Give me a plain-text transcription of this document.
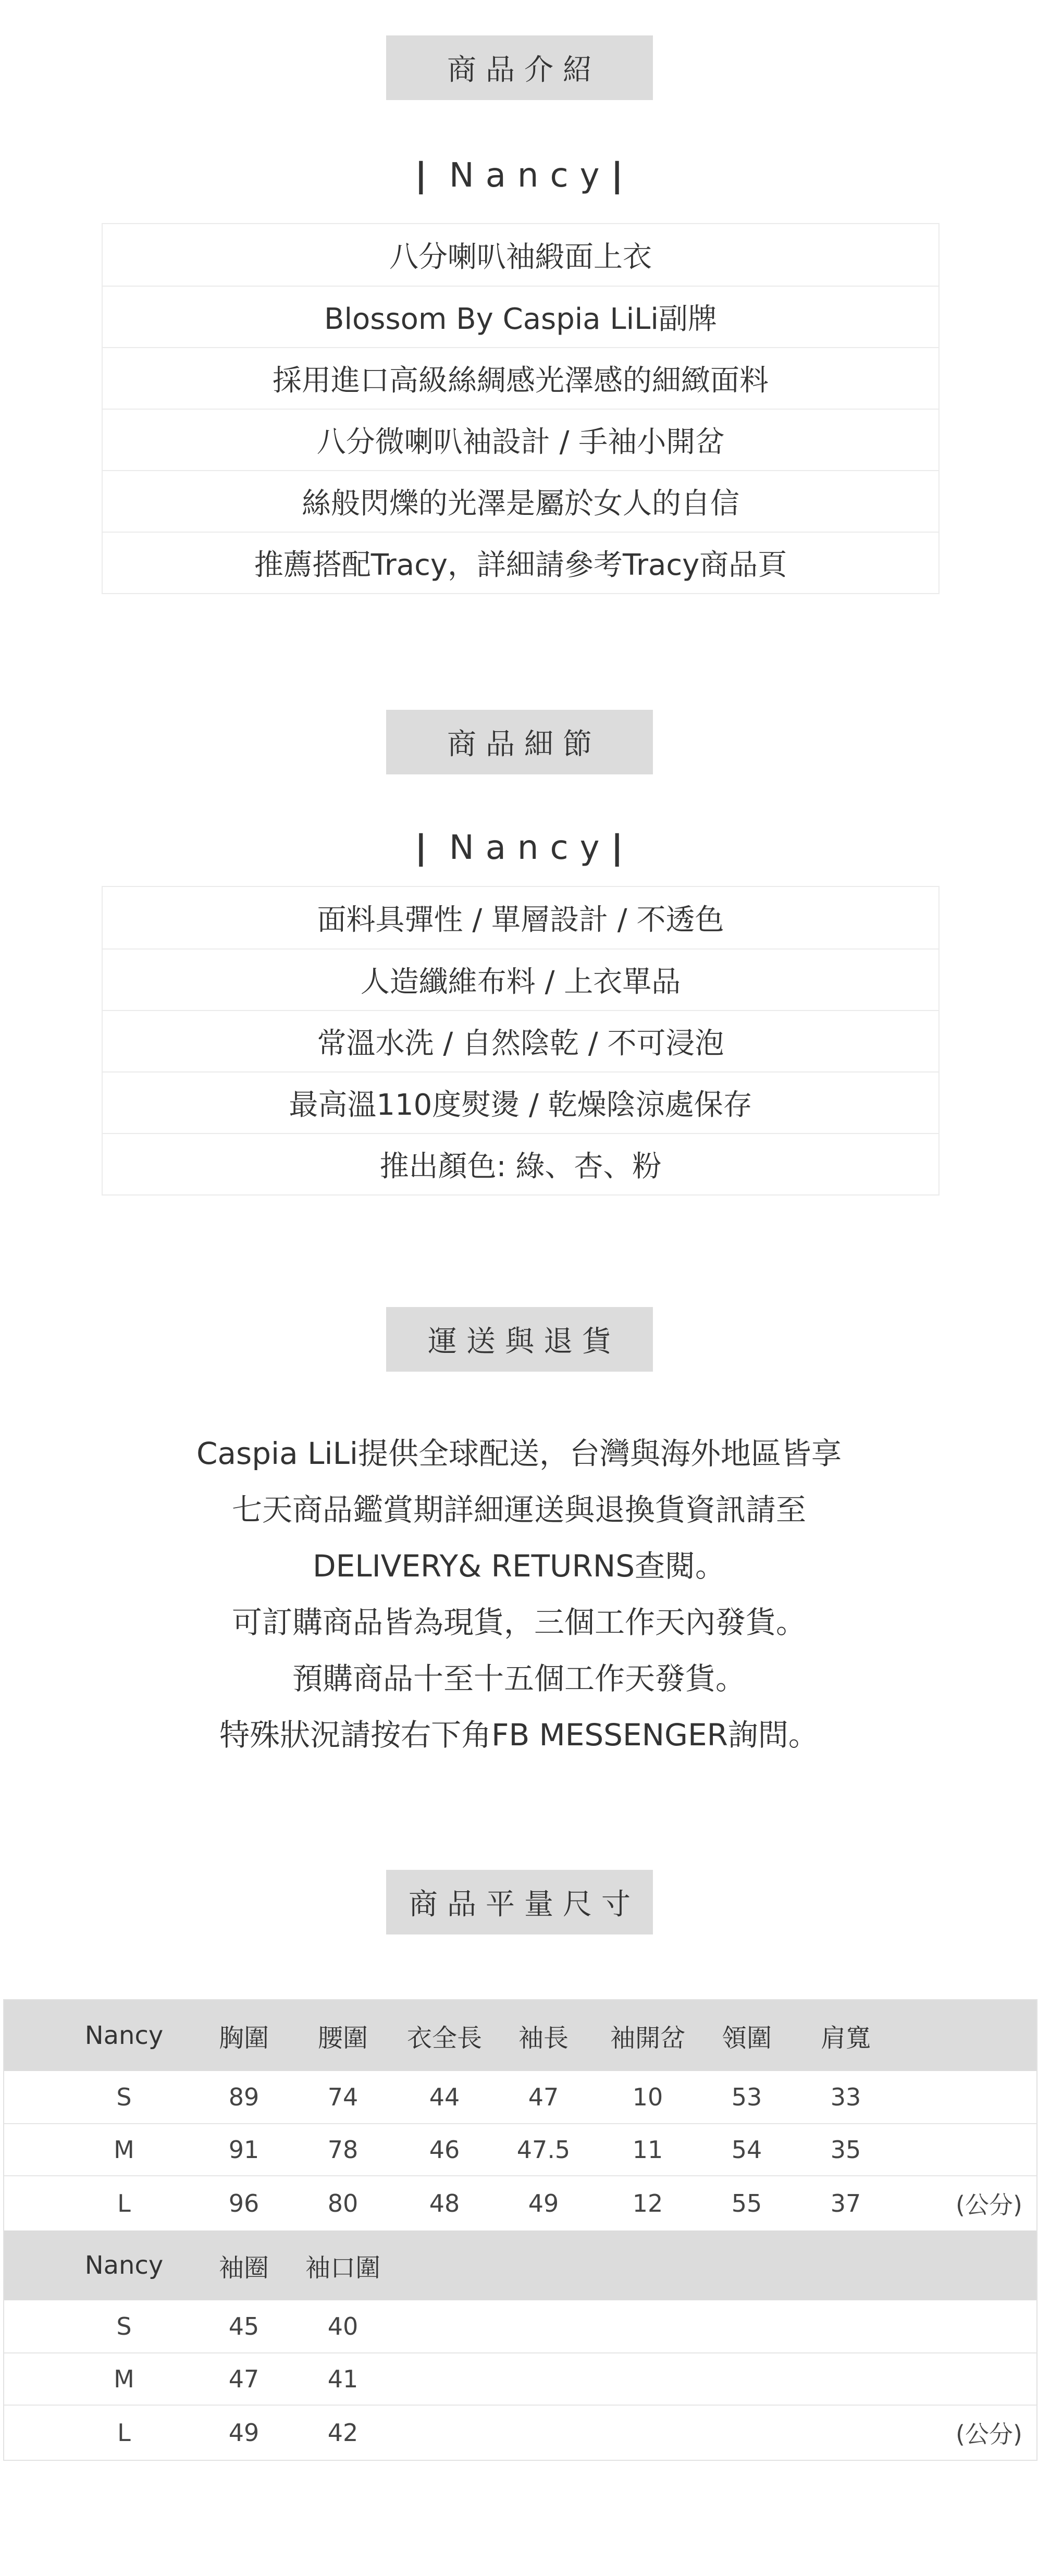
商品介紹
| Nancy|
八分喇叭袖緞面上衣
Blossom By Caspia LiLi副牌
採用進口高級絲綢感光澤感的細緻面料
八分微喇叭袖設計 / 手袖小開岔
絲般閃爍的光澤是屬於女人的自信
推薦搭配Tracy，詳細請參考Tracy商品頁
商品細節
| Nancy|
面料具彈性 / 單層設計 / 不透色
人造纖維布料 / 上衣單品
常溫水洗 / 自然陰乾 / 不可浸泡
最高溫110度熨燙 / 乾燥陰涼處保存
推出顏色: 綠、杏、粉
運送與退貨
Caspia LiLi提供全球配送，台灣與海外地區皆享
七天商品鑑賞期詳細運送與退換貨資訊請至
DELIVERY& RETURNS查閱。
可訂購商品皆為現貨，三個工作天內發貨。
預購商品十至十五個工作天發貨。
特殊狀況請按右下角FB MESSENGER詢問。
商品平量尺寸
Nancy	胸圍	腰圍	衣全長	袖長	袖開岔	領圍	肩寬
S	89	74	44	47	10	53	33
M	91	78	46	47.5	11	54	35
L	96	80	48	49	12	55	37	(公分)
Nancy	袖圈	袖口圍
S	45	40
M	47	41
L	49	42	(公分)
